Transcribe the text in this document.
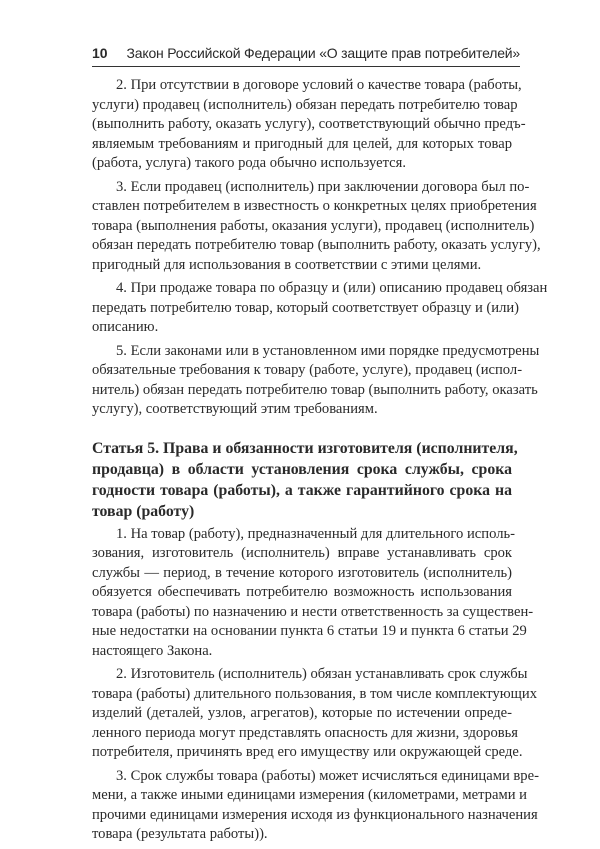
10 Закон Российской Федерации «О защите прав потребителей»
2. При отсутствии в договоре условий о качестве товара (работы,
услуги) продавец (исполнитель) обязан передать потребителю товар
(выполнить работу, оказать услугу), соответствующий обычно предъ-
являемым требованиям и пригодный для целей, для которых товар
(работа, услуга) такого рода обычно используется.
3. Если продавец (исполнитель) при заключении договора был по-
ставлен потребителем в известность о конкретных целях приобретения
товара (выполнения работы, оказания услуги), продавец (исполнитель)
обязан передать потребителю товар (выполнить работу, оказать услугу),
пригодный для использования в соответствии с этими целями.
4. При продаже товара по образцу и (или) описанию продавец обязан
передать потребителю товар, который соответствует образцу и (или)
описанию.
5. Если законами или в установленном ими порядке предусмотрены
обязательные требования к товару (работе, услуге), продавец (испол-
нитель) обязан передать потребителю товар (выполнить работу, оказать
услугу), соответствующий этим требованиям.
Статья 5. Права и обязанности изготовителя (исполнителя,
продавца) в области установления срока службы, срока
годности товара (работы), а также гарантийного срока на
товар (работу)
1. На товар (работу), предназначенный для длительного исполь-
зования, изготовитель (исполнитель) вправе устанавливать срок
службы — период, в течение которого изготовитель (исполнитель)
обязуется обеспечивать потребителю возможность использования
товара (работы) по назначению и нести ответственность за существен-
ные недостатки на основании пункта 6 статьи 19 и пункта 6 статьи 29
настоящего Закона.
2. Изготовитель (исполнитель) обязан устанавливать срок службы
товара (работы) длительного пользования, в том числе комплектующих
изделий (деталей, узлов, агрегатов), которые по истечении опреде-
ленного периода могут представлять опасность для жизни, здоровья
потребителя, причинять вред его имуществу или окружающей среде.
3. Срок службы товара (работы) может исчисляться единицами вре-
мени, а также иными единицами измерения (километрами, метрами и
прочими единицами измерения исходя из функционального назначения
товара (результата работы)).
